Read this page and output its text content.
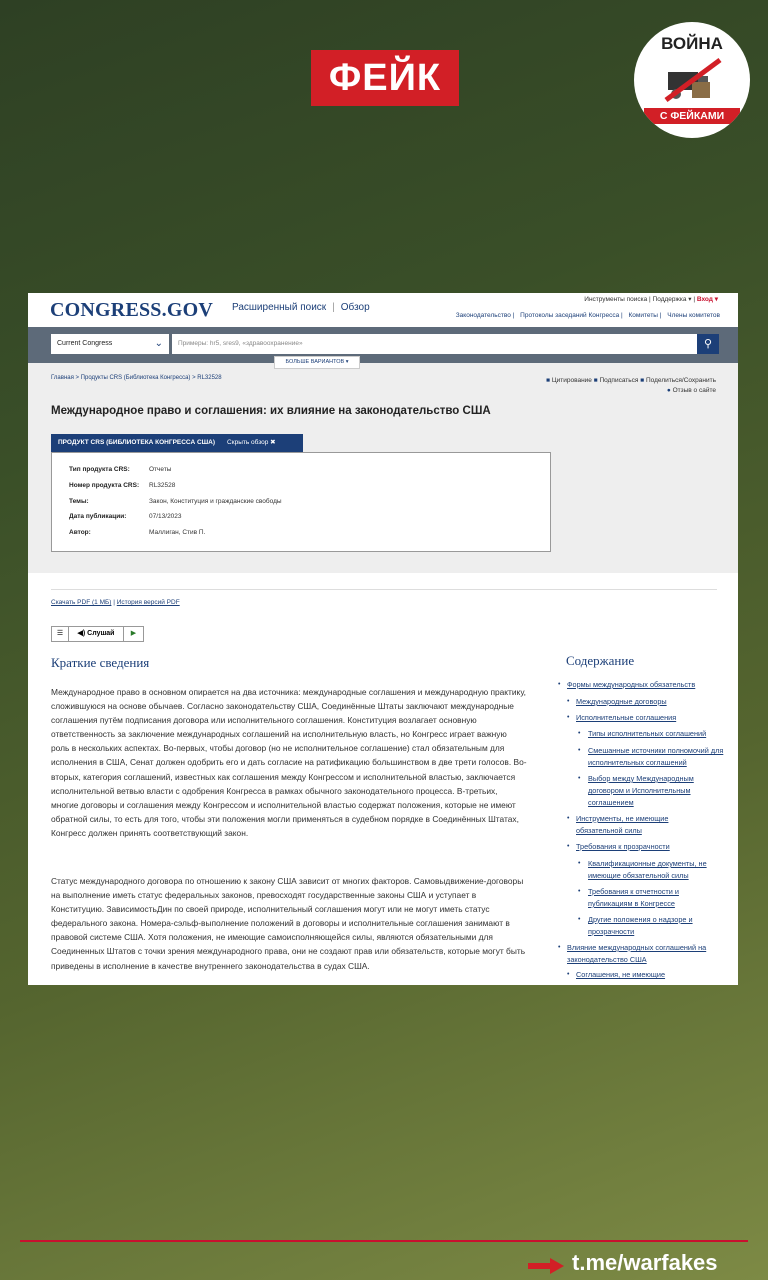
ФЕЙК
ВОЙНА
С ФЕЙКАМИ
CONGRESS.GOV Расширенный поиск | Обзор
Инструменты поиска | Поддержка ▾ | Вход ▾
Законодательство | Протоколы заседаний Конгресса | Комитеты | Члены комитетов
Current Congress	⌄	Примеры: hr5, sres9, «здравоохранение»	⚲
БОЛЬШЕ ВАРИАНТОВ ▾
Главная > Продукты CRS (Библиотека Конгресса) > RL32528	■ Цитирование ■ Подписаться ■ Поделиться/Сохранить
● Отзыв о сайте
Международное право и соглашения: их влияние на законодательство США
ПРОДУКТ CRS (БИБЛИОТЕКА КОНГРЕССА США) Скрыть обзор ✖
Тип продукта CRS:	Отчеты
Номер продукта CRS: RL32528
Темы:	Закон, Конституция и гражданские свободы
Дата публикации:	07/13/2023
Автор:	Маллиган, Стив П.
Скачать PDF (1 МБ) | История версий PDF
☰	◀) Слушай	▶
Краткие сведения

Международное право в основном опирается на два источника: международные соглашения и международную практику, сложившуюся на основе обычаев. Согласно законодательству США, Соединённые Штаты заключают международные соглашения путём подписания договора или исполнительного соглашения. Конституция возлагает основную ответственность за заключение международных соглашений на исполнительную власть, но Конгресс играет важную роль в нескольких аспектах. Во-первых, чтобы договор (но не исполнительное соглашение) стал обязательным для исполнения в США, Сенат должен одобрить его и дать согласие на ратификацию большинством в две трети голосов. Во-вторых, категория соглашений, известных как соглашения между Конгрессом и исполнительной властью, заключается исполнительной ветвью власти с одобрения Конгресса в рамках обычного законодательного процесса. В-третьих, многие договоры и соглашения между Конгрессом и исполнительной властью содержат положения, которые не имеют обратной силы, то есть для того, чтобы эти положения могли применяться в судебном порядке в Соединённых Штатах, Конгресс должен принять соответствующий закон.

Статус международного договора по отношению к закону США зависит от многих факторов. Самовыдвижение-договоры на выполнение иметь статус федеральных законов, превосходят государственные законы США и уступает в Конституцию. ЗависимостьДин по своей природе, исполнительный соглашения могут или не могут иметь статус федерального закона. Номера-сэльф-выполнение положений в договоры и исполнительные соглашения занимают в правовой системе США. Хотя положения, не имеющие самоисполняющейся силы, являются обязательными для Соединенных Штатов с точки зрения международного права, они не создают прав или обязательств, которые могут быть приведены в исполнение в качестве внутреннего законодательства в судах США.

Содержание
• Формы международных обязательств
• Международные договоры
• Исполнительные соглашения
• Типы исполнительных соглашений
• Смешанные источники полномочий для исполнительных соглашений
• Выбор между Международным договором и Исполнительным соглашением
• Инструменты, не имеющие обязательной силы
• Требования к прозрачности
• Квалификационные документы, не имеющие обязательной силы
• Требования к отчетности и публикациям в Конгрессе
• Другие положения о надзоре и прозрачности
• Влияние международных соглашений на законодательство США
• Соглашения, не имеющие
t.me/warfakes
